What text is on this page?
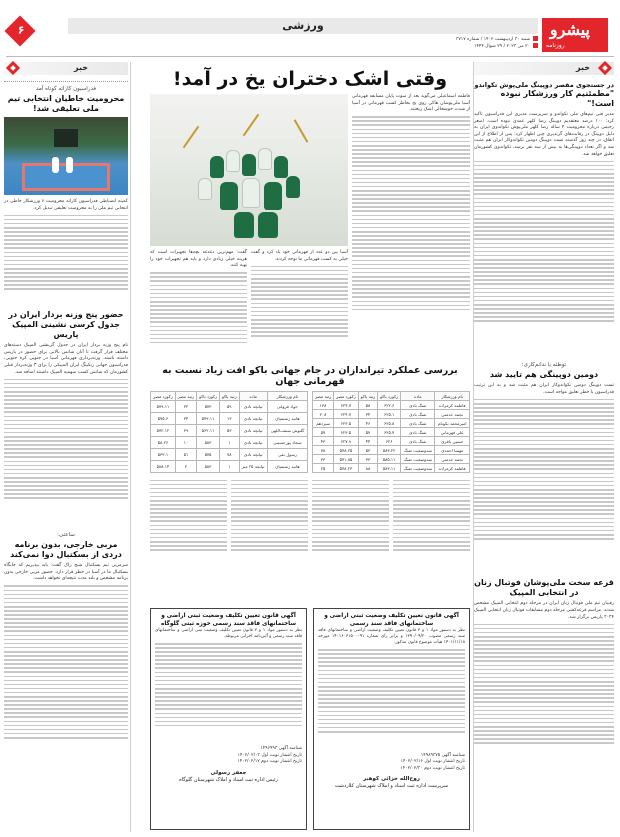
پیشرو
روزنامه
ورزشی
شنبه ۳۰ اردیبهشت ۱۴۰۲ / شماره ۳۷۱۷
۲۰ می ۲۰۲۳ / ۲۹ شوال ۱۴۴۴
۶
خبر
در جستجوی مقصر دوپینگ ملی‌پوش تکواندو
"مطمئنیم کار ورزشکار نبوده است!"
مدیر فنی تیم‌های ملی تکواندو و سرپرست مدیری این فدراسیون تاکید کرد: ۱۰۰ درصد معتقدیم دوپینگ رضا کلهر عمدی نبوده است. اصغر رحیمی درباره محرومیت ۴ ساله رضا کلهر ملی‌پوش تکواندوی ایران به دلیل دوپینگ در رقابت‌های گرندپری چین اظهار کرد: پس از اطلاع از این اتفاق، در چند روز گذشته تست دوپینگ دومین تکواندوکار ایران هم مثبت شد و اگر تعداد دوپینگی‌ها به بیش از سه نفر برسد، تکواندوی کشورمان تعلیق خواهد شد.
توطئه یا ندانم‌کاری؛
دومین دوپینگی هم تایید شد
تست دوپینگ دومین تکواندوکار ایران هم مثبت شد و به این ترتیب فدراسیون با خطر تعلیق مواجه است.
قرعه سخت ملی‌پوشان فوتبال زنان در انتخابی المپیک
رقیبان تیم ملی فوتبال زنان ایران در مرحله دوم انتخابی المپیک مشخص شدند. مراسم قرعه‌کشی مرحله دوم مسابقات فوتبال زنان انتخابی المپیک ۲۰۲۴ پاریس برگزار شد.
وقتی اشک دختران یخ در آمد!
فاطمه اسماعیلی می‌گوید بعد از سوت پایان مسابقه قهرمانی آسیا ملی‌پوشان هاکی روی یخ بخاطر کسب قهرمانی در آسیا از شدت خوشحالی اشک ریختند.
آسیا بین دو عدد از قهرمانی خود یاد کرد و گفت خیلی به کسب قهرمانی ما توجه کردند.
گفت: مهم‌ترین دغدغه بچه‌ها تجهیزات است که هزینه خیلی زیادی دارد و باید هم تجهیزات خود را تهیه کنند.
بررسی عملکرد تیراندازان در جام جهانی باکو افت زیاد نسبت به قهرمانی جهان
نام ورزشکار	ماده	رکورد باکو	رتبه باکو	رکورد مصر	رتبه مصر
فاطمه کرمزاده	تفنگ بادی	۶۲۲.۶	۵۸	۶۲۴.۷	۱۳۸
نجمه خدمتی	تفنگ بادی	۶۲۵.۱	۳۴	۶۲۴.۷	۲۰۸
امیرمحمد نکونام	تفنگ بادی	۶۲۵.۸	۴۶	۶۲۳.۵	سیزدهم
علی قهرمانی	تفنگ بادی	۶۲۵.۷	۵۷	۶۲۳.۵	۵۷
حسین باقری	تفنگ بادی	۶۲۶	۴۴	۶۲۷.۹	۴۳
مهسا احمدی	سه‌وضعیت تفنگ	۵۸۳.۲۲	۵۳	۵۷۸.۲۵	۷۸
نجمه خدمتی	سه‌وضعیت تفنگ	۵۸۵.۱۱	۳۳	۵۷۱.۸۵	۳۳
فاطمه کرمزاده	سه‌وضعیت تفنگ	۵۸۳.۱۱	۸۸	۵۷۸.۲۳	۲۵
نام ورزشکار	ماده	رتبه باکو	رکورد باکو	رتبه مصر	رکورد مصر
جواد فروغی	تپانچه بادی	۵۹	۵۷۳	۳۲	۵۷۹.۱۱
هانیه رستمیان	تپانچه بادی	۱۳	۵۷۳.۱۱	۳۴	۵۷۵.۶
گلنوش سبقت‌اللهی	تپانچه بادی	۵۳	۵۶۲.۱۱	۳۹	۵۷۲.۱۲
سجاد پورحسینی	تپانچه بادی	۱	۵۸۳	۱۰	۵۸.۲۶
رسول نقی	تپانچه بادی	۷۸	۵۷۵	۵۱	۵۳۳.۱
هانیه رستمیان	تپانچه ۲۵ متر	۱	۵۸۳	۲	۵۸۸.۱۴
آگهی قانون تعیین تکلیف وضعیت ثبتی اراضی و ساختمانهای فاقد سند رسمی
نظر به دستور مواد ۱ و ۳ قانون تعیین تکلیف وضعیت اراضی و ساختمانهای فاقد سند رسمی مصوب ۱۳۹۰/۰۹/۲۰ و برابر رای شماره ۱۴۰۱۶۰۳۱۵۰۰۰۹۱ مورخه ۱۴۰۱/۱۱/۱۸ هیأت موضوع قانون مذکور.
شناسه آگهی ۱۴۹۸۹۳۷۵
تاریخ انتشار نوبت اول ۱۴۰۲/۰۲/۱۶
تاریخ انتشار نوبت دوم ۱۴۰۲/۰۲/۳۰
روح‌الله خزائی کوهبر
سرپرست اداره ثبت اسناد و املاک شهرستان کلاردشت
آگهی قانون تعیین تکلیف وضعیت ثبتی اراضی و ساختمانهای فاقد سند رسمی حوزه ثبتی گلوگاه
نظر به دستور مواد ۱ و ۳ قانون تعیین تکلیف وضعیت ثبتی اراضی و ساختمانهای فاقد سند رسمی و آئین‌نامه اجرایی مربوطه.
شناسه آگهی ۱۴۹۶۹۹۳
تاریخ انتشار نوبت اول ۱۴۰۲/۰۲/۰۳
تاریخ انتشار نوبت دوم ۱۴۰۲/۰۲/۱۷
جعفر رسولی
رئیس اداره ثبت اسناد و املاک شهرستان گلوگاه
خبر
فدراسیون کاراته کوتاه آمد
محرومیت خاطیان انتخابی تیم ملی تعلیقی شد!
کمیته انضباطی فدراسیون کاراته محرومیت ۶ ورزشکار خاطی در انتخابی تیم ملی را به محرومیت تعلیقی تبدیل کرد.
حضور پنج وزنه بردار ایران در جدول کرسی نشینی المپیک پاریس
نام پنج وزنه بردار ایران در جدول گزینشی المپیک دسته‌های مختلف قرار گرفت تا آنان شانس بالایی برای حضور در پاریس داشته باشند. وزنه‌برداری قهرمانی آسیا در جنوبی کره جنوبی، فدراسیون جهانی رنکینگ ایران المپیکی را برای ۳ وزنه‌بردار قبلی کشورمان که شانس کسب سهمیه المپیک داشتند اضافه شد.
ساعتی:
مربی خارجی، بدون برنامه دردی از بسکتبال دوا نمی‌کند
سرمربی تیم بسکتبال شیخ زاک گفت: باید بپذیریم که جایگاه بسکتبال ما در آسیا در خطر قرار دارد. حضور مربی خارجی بدون برنامه مشخص و بلند مدت نتیجه‌ای نخواهد داشت.
